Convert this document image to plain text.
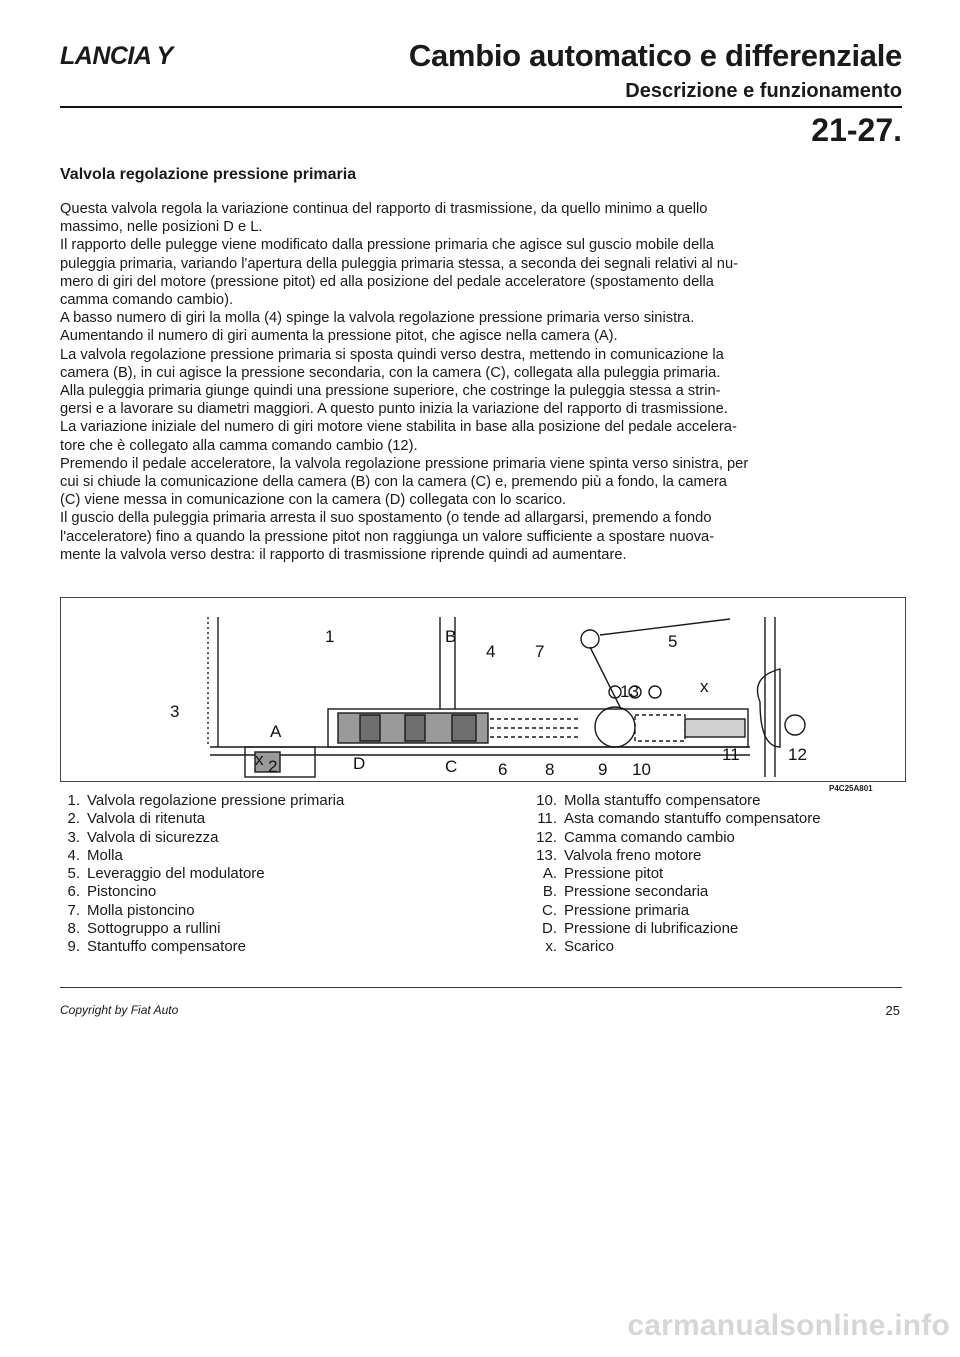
LANCIA Y	Cambio automatico e differenziale
Descrizione e funzionamento
21-27.
Valvola regolazione pressione primaria
Questa valvola regola la variazione continua del rapporto di trasmissione, da quello minimo a quello
massimo, nelle posizioni D e L.
Il rapporto delle pulegge viene modificato dalla pressione primaria che agisce sul guscio mobile della
puleggia primaria, variando l'apertura della puleggia primaria stessa, a seconda dei segnali relativi al nu-
mero di giri del motore (pressione pitot) ed alla posizione del pedale acceleratore (spostamento della
camma comando cambio).
A basso numero di giri la molla (4) spinge la valvola regolazione pressione primaria verso sinistra.
Aumentando il numero di giri aumenta la pressione pitot, che agisce nella camera (A).
La valvola regolazione pressione primaria si sposta quindi verso destra, mettendo in comunicazione la
camera (B), in cui agisce la pressione secondaria, con la camera (C), collegata alla puleggia primaria.
Alla puleggia primaria giunge quindi una pressione superiore, che costringe la puleggia stessa a strin-
gersi e a lavorare su diametri maggiori. A questo punto inizia la variazione del rapporto di trasmissione.
La variazione iniziale del numero di giri motore viene stabilita in base alla posizione del pedale accelera-
tore che è collegato alla camma comando cambio (12).
Premendo il pedale acceleratore, la valvola regolazione pressione primaria viene spinta verso sinistra, per
cui si chiude la comunicazione della camera (B) con la camera (C) e, premendo più a fondo, la camera
(C) viene messa in comunicazione con la camera (D) collegata con lo scarico.
Il guscio della puleggia primaria arresta il suo spostamento (o tende ad allargarsi, premendo a fondo
l'acceleratore) fino a quando la pressione pitot non raggiunga un valore sufficiente a spostare nuova-
mente la valvola verso destra: il rapporto di trasmissione riprende quindi ad aumentare.
1	B
4 7
5
A
2	D	C 6 8	9 10
11	12
3
13
x
x
P4C25A801
1. Valvola regolazione pressione primaria
2. Valvola di ritenuta
3. Valvola di sicurezza
4. Molla
5. Leveraggio del modulatore
6. Pistoncino
7. Molla pistoncino
8. Sottogruppo a rullini
9. Stantuffo compensatore
10. Molla stantuffo compensatore
11. Asta comando stantuffo compensatore
12. Camma comando cambio
13. Valvola freno motore
A. Pressione pitot
B. Pressione secondaria
C. Pressione primaria
D. Pressione di lubrificazione
x. Scarico
Copyright by Fiat Auto	25
carmanualsonline.info
